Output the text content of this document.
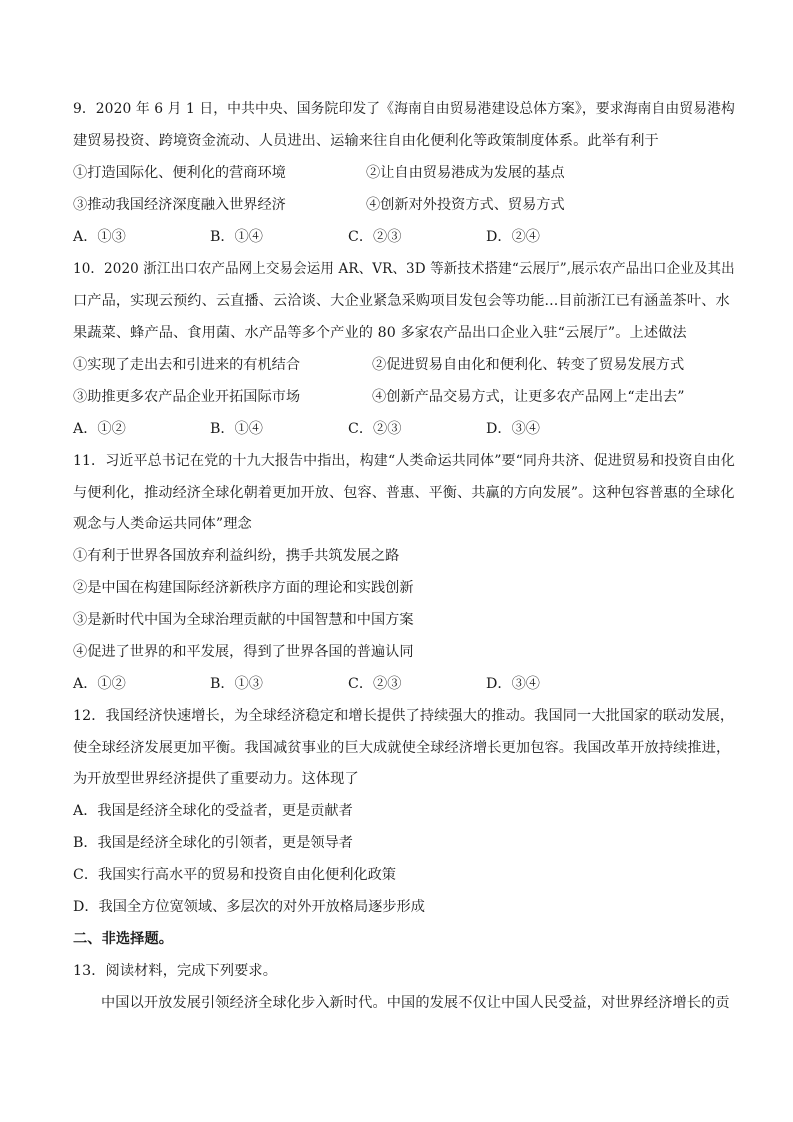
9．2020 年 6 月 1 日，中共中央、国务院印发了《海南自由贸易港建设总体方案》，要求海南自由贸易港构
建贸易投资、跨境资金流动、人员进出、运输来往自由化便利化等政策制度体系。此举有利于
①打造国际化、便利化的营商环境	②让自由贸易港成为发展的基点
③推动我国经济深度融入世界经济	④创新对外投资方式、贸易方式
A．①③	B．①④	C．②③	D．②④
10．2020 浙江出口农产品网上交易会运用 AR、VR、3D 等新技术搭建“云展厅”,展示农产品出口企业及其出
口产品，实现云预约、云直播、云洽谈、大企业紧急采购项目发包会等功能...目前浙江已有涵盖茶叶、水
果蔬菜、蜂产品、食用菌、水产品等多个产业的 80 多家农产品出口企业入驻“云展厅”。上述做法
①实现了走出去和引进来的有机结合	②促进贸易自由化和便利化、转变了贸易发展方式
③助推更多农产品企业开拓国际市场	④创新产品交易方式，让更多农产品网上“走出去”
A．①②	B．①④	C．②③	D．③④
11．习近平总书记在党的十九大报告中指出，构建“人类命运共同体”要“同舟共济、促进贸易和投资自由化
与便利化，推动经济全球化朝着更加开放、包容、普惠、平衡、共赢的方向发展”。这种包容普惠的全球化
观念与人类命运共同体”理念
①有利于世界各国放弃利益纠纷，携手共筑发展之路
②是中国在构建国际经济新秩序方面的理论和实践创新
③是新时代中国为全球治理贡献的中国智慧和中国方案
④促进了世界的和平发展，得到了世界各国的普遍认同
A．①②	B．①③	C．②③	D．③④
12．我国经济快速增长，为全球经济稳定和增长提供了持续强大的推动。我国同一大批国家的联动发展，
使全球经济发展更加平衡。我国减贫事业的巨大成就使全球经济增长更加包容。我国改革开放持续推进，
为开放型世界经济提供了重要动力。这体现了
A．我国是经济全球化的受益者，更是贡献者
B．我国是经济全球化的引领者，更是领导者
C．我国实行高水平的贸易和投资自由化便利化政策
D．我国全方位宽领域、多层次的对外开放格局逐步形成
二、非选择题。
13．阅读材料，完成下列要求。
中国以开放发展引领经济全球化步入新时代。中国的发展不仅让中国人民受益，对世界经济增长的贡
